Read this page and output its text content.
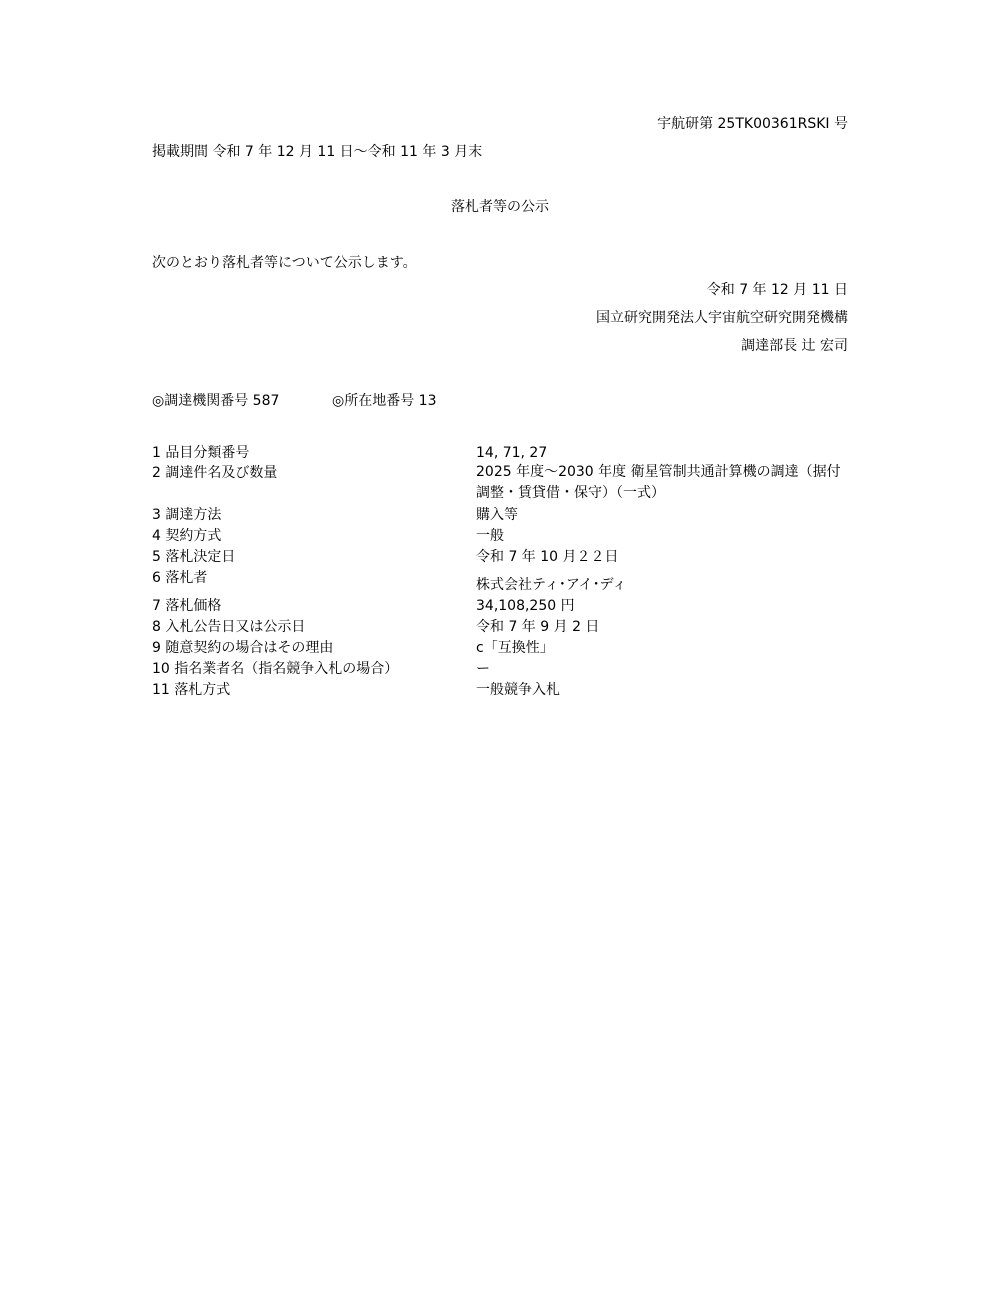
宇航研第 25TK00361RSKI 号
掲載期間 令和 7 年 12 月 11 日～令和 11 年 3 月末
落札者等の公示
次のとおり落札者等について公示します。
令和 7 年 12 月 11 日
国立研究開発法人宇宙航空研究開発機構
調達部長 辻 宏司
◎調達機関番号 587	◎所在地番号 13
1 品目分類番号	14, 71, 27
2 調達件名及び数量	2025 年度～2030 年度 衛星管制共通計算機の調達（据付調整・賃貸借・保守）（一式）
3 調達方法	購入等
4 契約方式	一般
5 落札決定日	令和 7 年 10 月２２日
6 落札者	株式会社ティ･アイ･ディ
7 落札価格	34,108,250 円
8 入札公告日又は公示日	令和 7 年 9 月 2 日
9 随意契約の場合はその理由	c「互換性」
10 指名業者名（指名競争入札の場合）	ー
11 落札方式	一般競争入札
